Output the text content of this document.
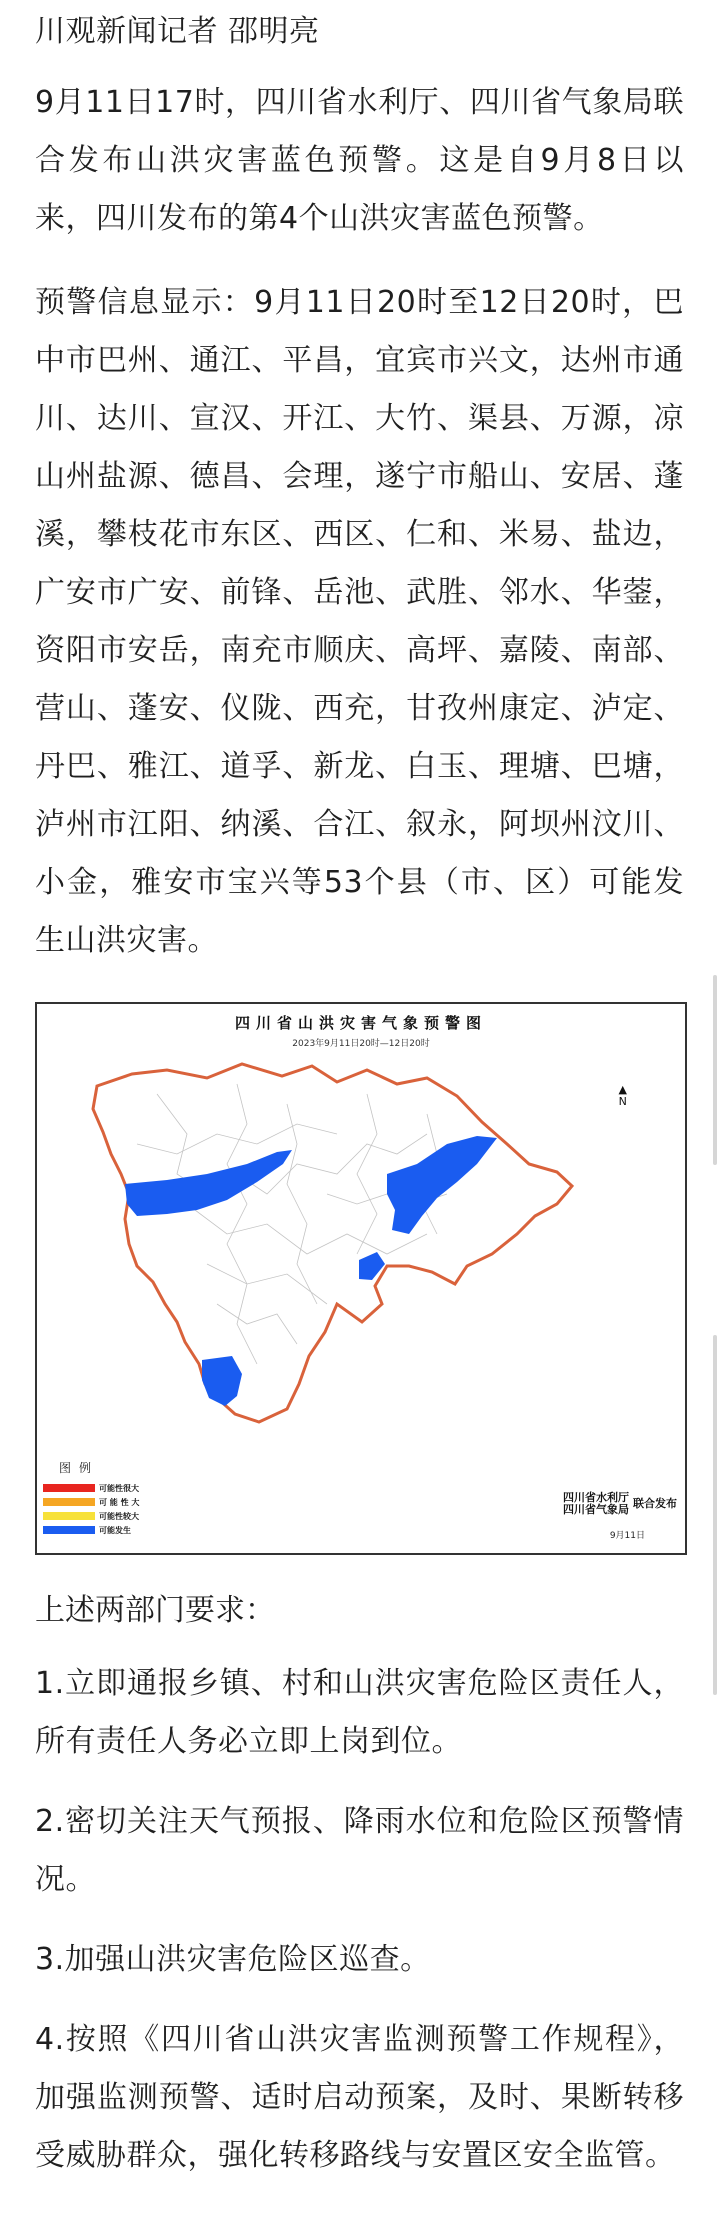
川观新闻记者 邵明亮

9月11日17时，四川省水利厅、四川省气象局联合发布山洪灾害蓝色预警。这是自9月8日以来，四川发布的第4个山洪灾害蓝色预警。

预警信息显示：9月11日20时至12日20时，巴中市巴州、通江、平昌，宜宾市兴文，达州市通川、达川、宣汉、开江、大竹、渠县、万源，凉山州盐源、德昌、会理，遂宁市船山、安居、蓬溪，攀枝花市东区、西区、仁和、米易、盐边，广安市广安、前锋、岳池、武胜、邻水、华蓥，资阳市安岳，南充市顺庆、高坪、嘉陵、南部、营山、蓬安、仪陇、西充，甘孜州康定、泸定、丹巴、雅江、道孚、新龙、白玉、理塘、巴塘，泸州市江阳、纳溪、合江、叙永，阿坝州汶川、小金，雅安市宝兴等53个县（市、区）可能发生山洪灾害。

四川省山洪灾害气象预警图
2023年9月11日20时—12日20时
▲
N
图例
可能性很大
可 能 性 大
可能性较大
可能发生
四川省水利厅
四川省气象局 联合发布
9月11日
上述两部门要求：

1.立即通报乡镇、村和山洪灾害危险区责任人，所有责任人务必立即上岗到位。

2.密切关注天气预报、降雨水位和危险区预警情况。

3.加强山洪灾害危险区巡查。

4.按照《四川省山洪灾害监测预警工作规程》，加强监测预警、适时启动预案，及时、果断转移受威胁群众，强化转移路线与安置区安全监管。
